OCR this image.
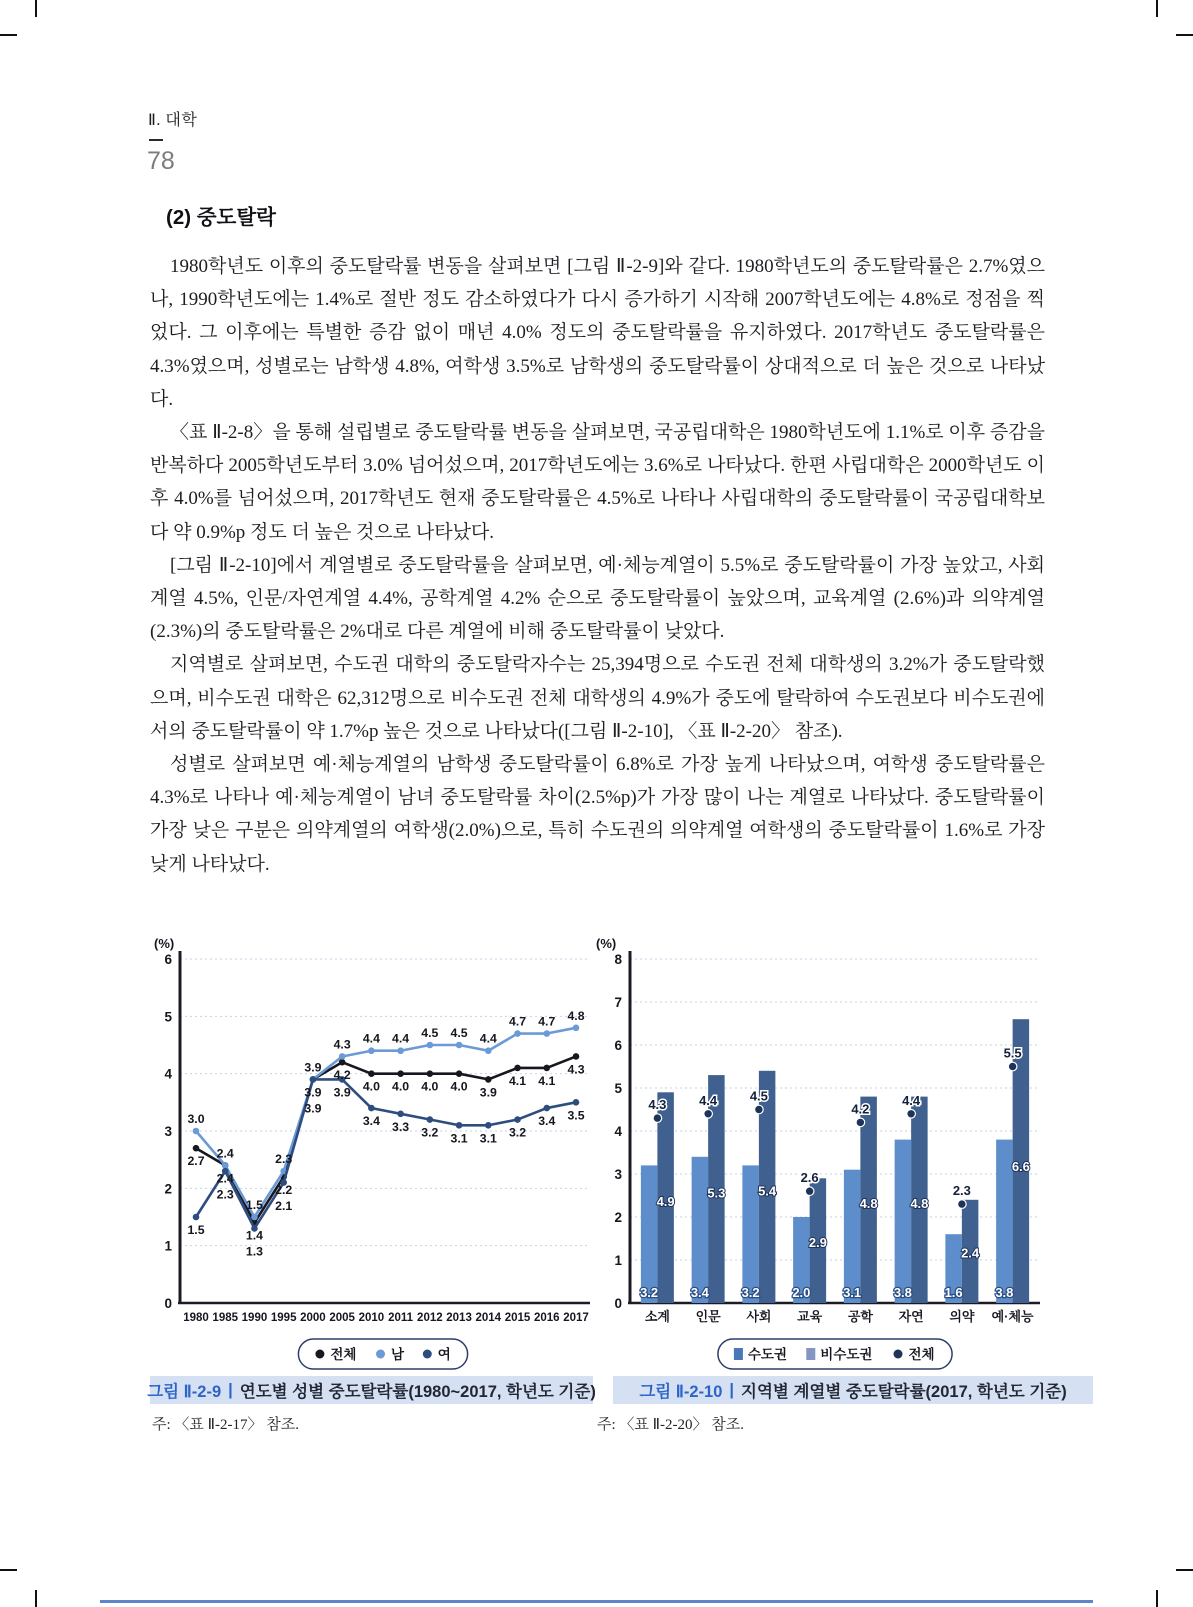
Ⅱ. 대학
78
(2) 중도탈락

1980학년도 이후의 중도탈락률 변동을 살펴보면 [그림 Ⅱ-2-9]와 같다. 1980학년도의 중도탈락률은 2.7%였으나, 1990학년도에는 1.4%로 절반 정도 감소하였다가 다시 증가하기 시작해 2007학년도에는 4.8%로 정점을 찍었다. 그 이후에는 특별한 증감 없이 매년 4.0% 정도의 중도탈락률을 유지하였다. 2017학년도 중도탈락률은 4.3%였으며, 성별로는 남학생 4.8%, 여학생 3.5%로 남학생의 중도탈락률이 상대적으로 더 높은 것으로 나타났다.

〈표 Ⅱ-2-8〉을 통해 설립별로 중도탈락률 변동을 살펴보면, 국공립대학은 1980학년도에 1.1%로 이후 증감을 반복하다 2005학년도부터 3.0% 넘어섰으며, 2017학년도에는 3.6%로 나타났다. 한편 사립대학은 2000학년도 이후 4.0%를 넘어섰으며, 2017학년도 현재 중도탈락률은 4.5%로 나타나 사립대학의 중도탈락률이 국공립대학보다 약 0.9%p 정도 더 높은 것으로 나타났다.

[그림 Ⅱ-2-10]에서 계열별로 중도탈락률을 살펴보면, 예·체능계열이 5.5%로 중도탈락률이 가장 높았고, 사회계열 4.5%, 인문/자연계열 4.4%, 공학계열 4.2% 순으로 중도탈락률이 높았으며, 교육계열 (2.6%)과 의약계열(2.3%)의 중도탈락률은 2%대로 다른 계열에 비해 중도탈락률이 낮았다.

지역별로 살펴보면, 수도권 대학의 중도탈락자수는 25,394명으로 수도권 전체 대학생의 3.2%가 중도탈락했으며, 비수도권 대학은 62,312명으로 비수도권 전체 대학생의 4.9%가 중도에 탈락하여 수도권보다 비수도권에서의 중도탈락률이 약 1.7%p 높은 것으로 나타났다([그림 Ⅱ-2-10], 〈표 Ⅱ-2-20〉 참조).

성별로 살펴보면 예·체능계열의 남학생 중도탈락률이 6.8%로 가장 높게 나타났으며, 여학생 중도탈락률은 4.3%로 나타나 예·체능계열이 남녀 중도탈락률 차이(2.5%p)가 가장 많이 나는 계열로 나타났다. 중도탈락률이 가장 낮은 구분은 의약계열의 여학생(2.0%)으로, 특히 수도권의 의약계열 여학생의 중도탈락률이 1.6%로 가장 낮게 나타났다.

0
1
2
3
4
5
6
(%)
1980 1985 1990 1995 2000 2005 2010 2011 2012 2013 2014 2015 2016 2017
3.0
2.4
1.5
2.3
3.9
4.3 4.4 4.4 4.5 4.5 4.4
4.7 4.7 4.8
2.7
2.4
1.4
2.2
3.9
4.2
4.0 4.0 4.0 4.0 3.9
4.1 4.1
4.3
1.5
2.3
1.3
2.1
3.9
3.9
3.4 3.3 3.2 3.1 3.1 3.2
3.4 3.5
전체	남	여
그림 Ⅱ-2-9 | 연도별 성별 중도탈락률(1980~2017, 학년도 기준)
주: 〈표 Ⅱ-2-17〉 참조.
0
1
2
3
4
5
6
7
8
(%)
3.2
4.9
4.3
소계
3.4
5.3
4.4
인문
3.2
5.4
4.5
사회
2.0
2.9
2.6
교육
3.1
4.8
4.2
공학
3.8
4.8
4.4
자연
1.6
2.4
2.3
의약
3.8
6.6
5.5
예·체능
수도권 비수도권	전체
그림 Ⅱ-2-10 | 지역별 계열별 중도탈락률(2017, 학년도 기준)
주: 〈표 Ⅱ-2-20〉 참조.
